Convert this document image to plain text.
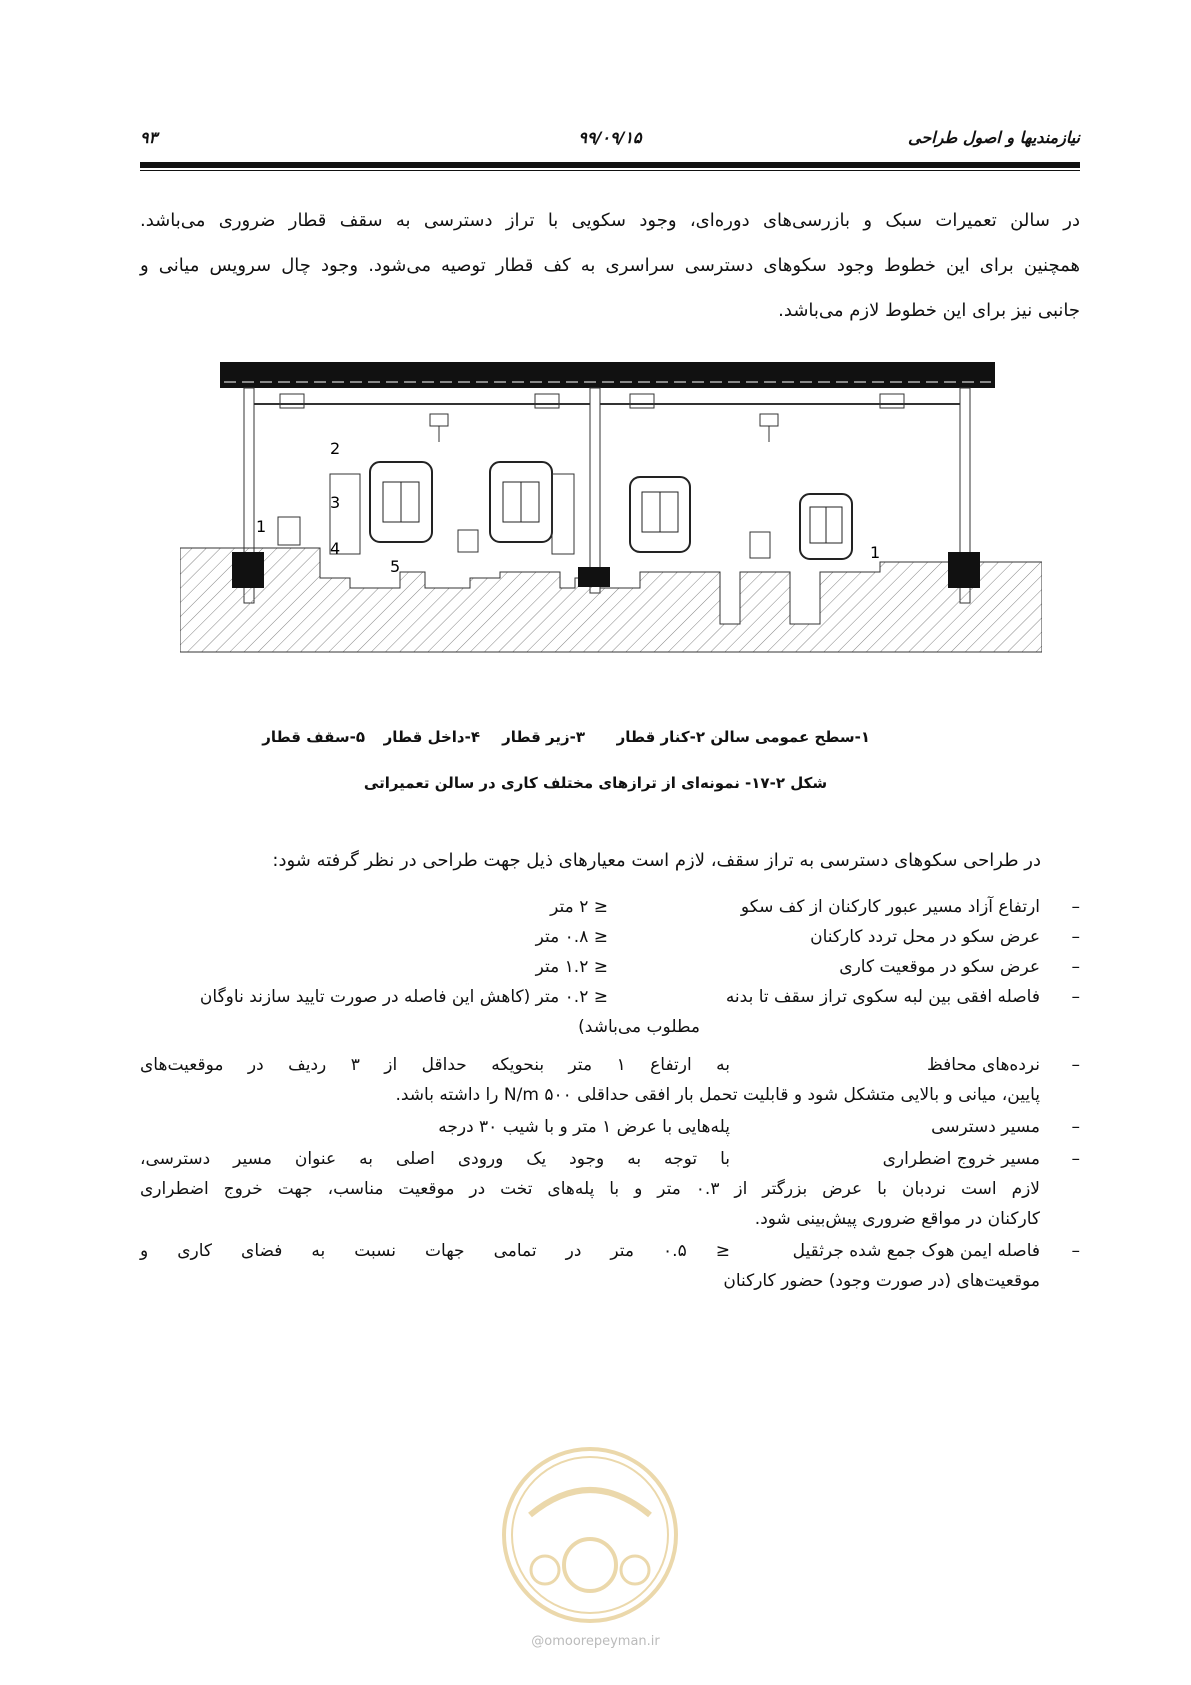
نیازمندیها و اصول طراحی
۹۹/۰۹/۱۵
۹۳
در سالن تعمیرات سبک و بازرسی‌های دوره‌ای، وجود سکویی با تراز دسترسی به سقف قطار ضروری می‌باشد.
همچنین برای این خطوط وجود سکوهای دسترسی سراسری به کف قطار توصیه می‌شود. وجود چال سرویس میانی و
جانبی نیز برای این خطوط لازم می‌باشد.
1
2
3
4
5
1
۱-سطح عمومی سالن
۲-کنار قطار
۳-زیر قطار
۴-داخل قطار
۵-سقف قطار
شکل ۲-۱۷- نمونه‌ای از ترازهای مختلف کاری در سالن تعمیراتی
در طراحی سکوهای دسترسی به تراز سقف، لازم است معیارهای ذیل جهت طراحی در نظر گرفته شود:
–
ارتفاع آزاد مسیر عبور کارکنان از کف سکو
≤ ۲ متر
–
عرض سکو در محل تردد کارکنان
≤ ۰.۸ متر
–
عرض سکو در موقعیت کاری
≤ ۱.۲ متر
–
فاصله افقی بین لبه سکوی تراز سقف تا بدنه
≤ ۰.۲ متر (کاهش این فاصله در صورت تایید سازند ناوگان
مطلوب می‌باشد)
–
نرده‌های محافظ
به ارتفاع ۱ متر بنحویکه حداقل از ۳ ردیف در موقعیت‌های
پایین، میانی و بالایی متشکل شود و قابلیت تحمل بار افقی حداقلی ۵۰۰ N/m را داشته باشد.
–
مسیر دسترسی
پله‌هایی با عرض ۱ متر و با شیب ۳۰ درجه
–
مسیر خروج اضطراری
با توجه به وجود یک ورودی اصلی به عنوان مسیر دسترسی،
لازم است نردبان با عرض بزرگتر از ۰.۳ متر و با پله‌های تخت در موقعیت مناسب، جهت خروج اضطراری
کارکنان در مواقع ضروری پیش‌بینی شود.
–
فاصله ایمن هوک جمع شده جرثقیل
≤ ۰.۵ متر در تمامی جهات نسبت به فضای کاری و
موقعیت‌های (در صورت وجود) حضور کارکنان
@omoorepeyman.ir
